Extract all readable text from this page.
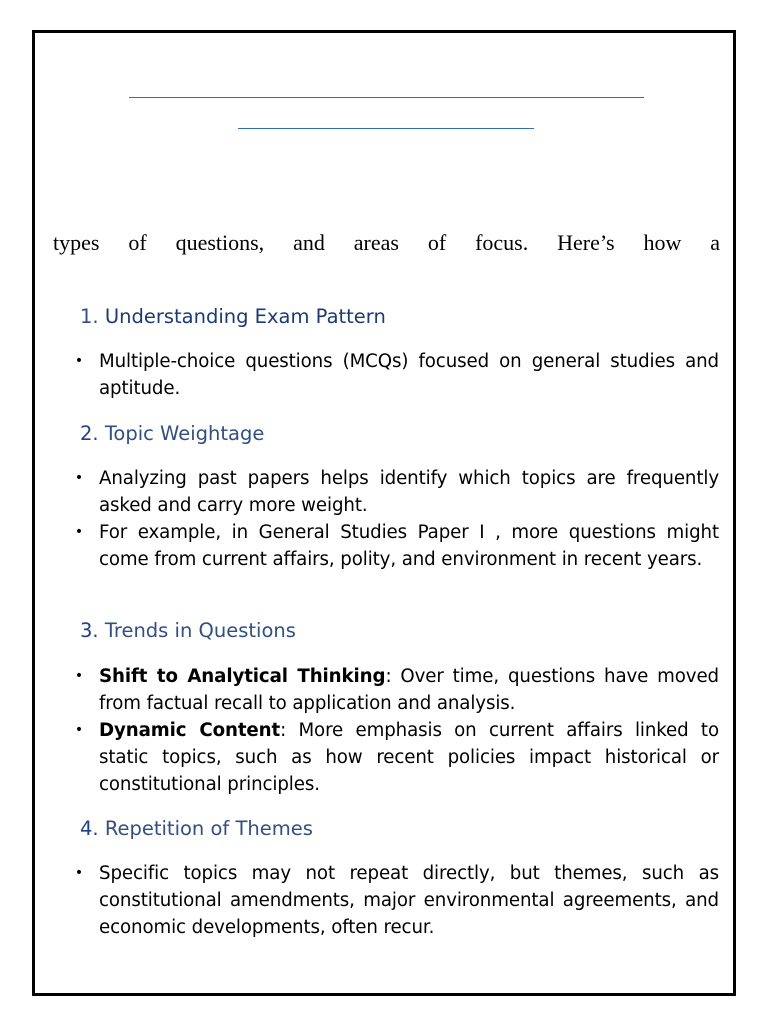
types of questions, and areas of focus. Here’s how a
1. Understanding Exam Pattern
• Multiple-choice questions (MCQs) focused on general studies and aptitude.
2. Topic Weightage
• Analyzing past papers helps identify which topics are frequently asked and carry more weight.
• For example, in General Studies Paper I , more questions might come from current affairs, polity, and environment in recent years.
3. Trends in Questions
• Shift to Analytical Thinking: Over time, questions have moved from factual recall to application and analysis.
• Dynamic Content: More emphasis on current affairs linked to static topics, such as how recent policies impact historical or constitutional principles.
4. Repetition of Themes
• Specific topics may not repeat directly, but themes, such as constitutional amendments, major environmental agreements, and economic developments, often recur.
